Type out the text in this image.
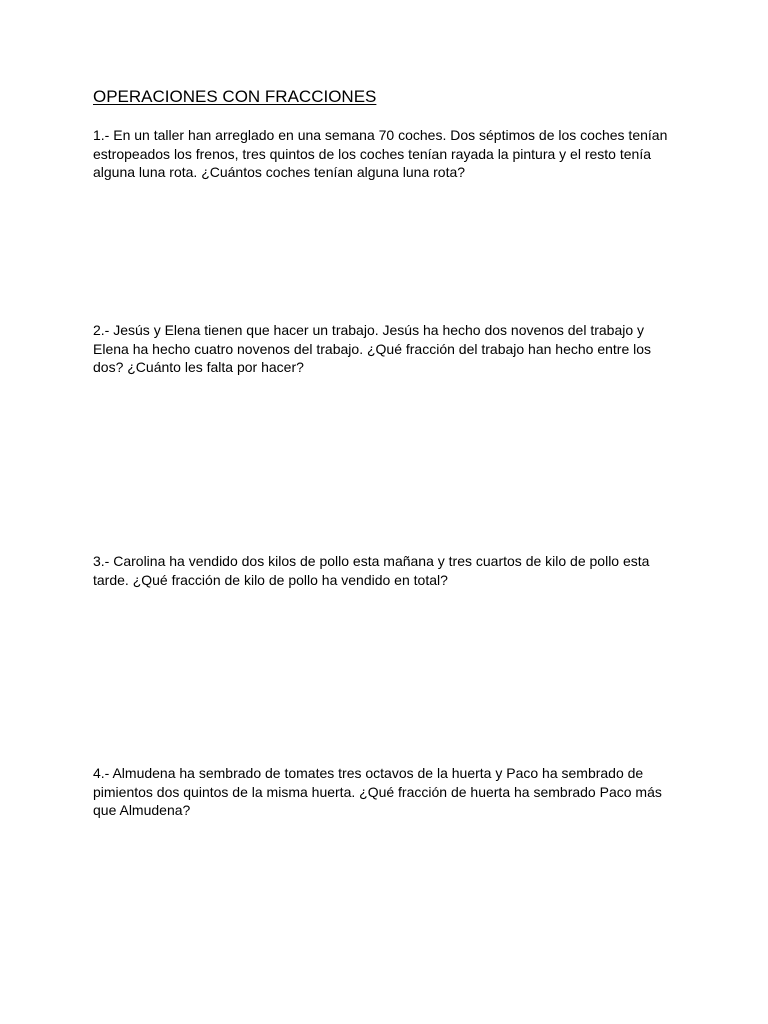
OPERACIONES CON FRACCIONES

1.- En un taller han arreglado en una semana 70 coches. Dos séptimos de los coches tenían estropeados los frenos, tres quintos de los coches tenían rayada la pintura y el resto tenía alguna luna rota. ¿Cuántos coches tenían alguna luna rota?

2.- Jesús y Elena tienen que hacer un trabajo. Jesús ha hecho dos novenos del trabajo y Elena ha hecho cuatro novenos del trabajo. ¿Qué fracción del trabajo han hecho entre los dos? ¿Cuánto les falta por hacer?

3.- Carolina ha vendido dos kilos de pollo esta mañana y tres cuartos de kilo de pollo esta tarde. ¿Qué fracción de kilo de pollo ha vendido en total?

4.- Almudena ha sembrado de tomates tres octavos de la huerta y Paco ha sembrado de pimientos dos quintos de la misma huerta. ¿Qué fracción de huerta ha sembrado Paco más que Almudena?
